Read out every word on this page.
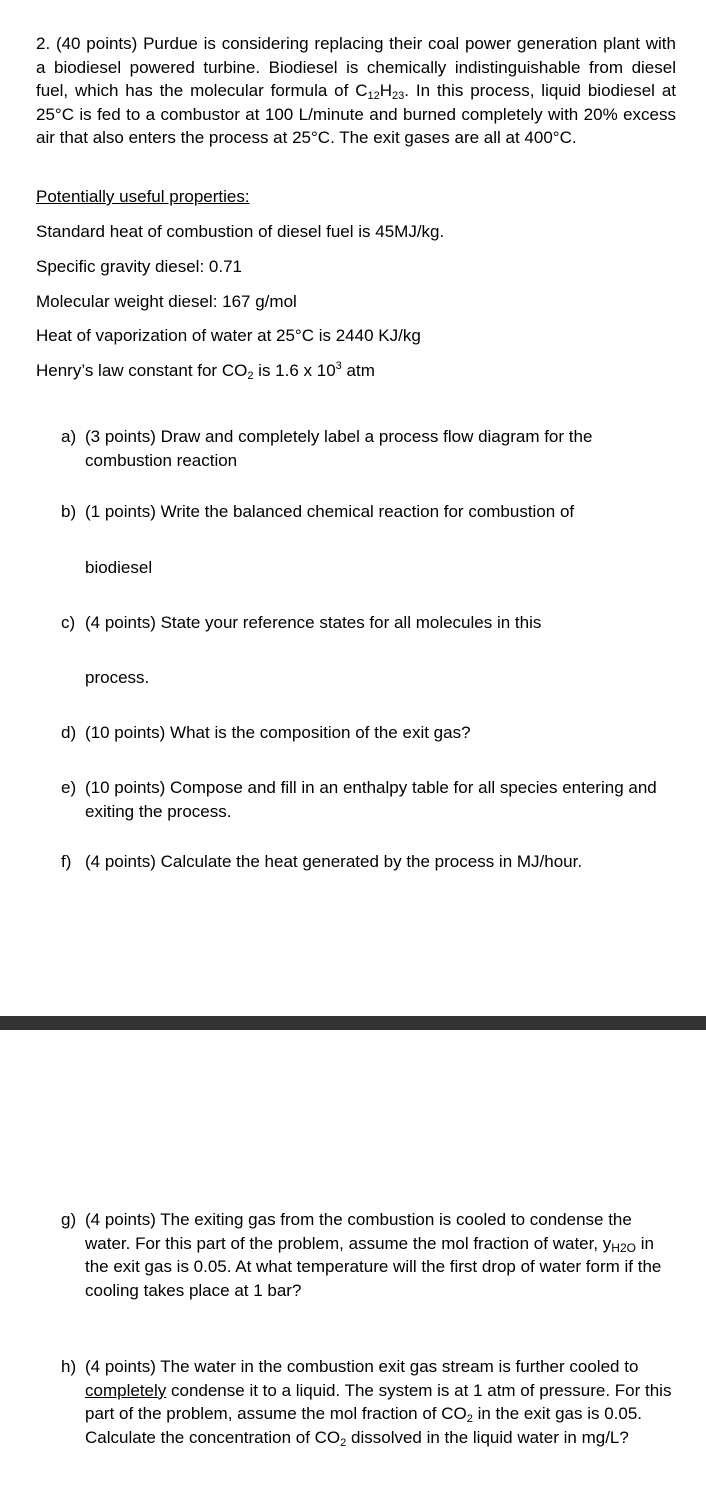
2. (40 points) Purdue is considering replacing their coal power generation plant with a biodiesel powered turbine. Biodiesel is chemically indistinguishable from diesel fuel, which has the molecular formula of $C_{12}H_{23}$. In this process, liquid biodiesel at 25°C is fed to a combustor at 100 L/minute and burned completely with 20% excess air that also enters the process at 25°C. The exit gases are all at 400°C.

Potentially useful properties:

Standard heat of combustion of diesel fuel is 45MJ/kg.

Specific gravity diesel: 0.71

Molecular weight diesel: 167 g/mol

Heat of vaporization of water at 25°C is 2440 KJ/kg

Henry’s law constant for $CO_2$ is 1.6 x $10^3$ atm

a) (3 points) Draw and completely label a process flow diagram for the combustion reaction
b) (1 points) Write the balanced chemical reaction for combustion of

biodiesel

c) (4 points) State your reference states for all molecules in this

process.

d) (10 points) What is the composition of the exit gas?
e) (10 points) Compose and fill in an enthalpy table for all species entering and exiting the process.
f) (4 points) Calculate the heat generated by the process in MJ/hour.
g) (4 points) The exiting gas from the combustion is cooled to condense the water. For this part of the problem, assume the mol fraction of water, yH2O in the exit gas is 0.05. At what temperature will the first drop of water form if the cooling takes place at 1 bar?
h) (4 points) The water in the combustion exit gas stream is further cooled to completely condense it to a liquid. The system is at 1 atm of pressure. For this part of the problem, assume the mol fraction of $CO_2$ in the exit gas is 0.05. Calculate the concentration of $CO_2$ dissolved in the liquid water in mg/L?
